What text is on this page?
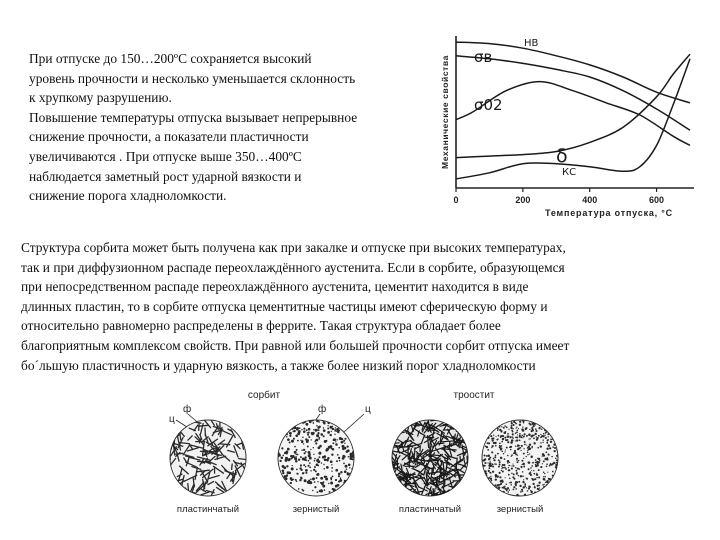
При отпуске до 150…200ºС сохраняется высокий

уровень прочности и несколько уменьшается склонность

к хрупкому разрушению.

Повышение температуры отпуска вызывает непрерывное

снижение прочности, а показатели пластичности

увеличиваются . При отпуске выше 350…400ºС

наблюдается заметный рост ударной вязкости и

снижение порога хладноломкости.

Механические свойства
Температура отпуска, °С
0	200	400	600
НВ
σв
σ02
δ
КС

Структура сорбита может быть получена как при закалке и отпуске при высоких температурах,

так и при диффузионном распаде переохлаждённого аустенита. Если в сорбите, образующемся

при непосредственном распаде переохлаждённого аустенита, цементит находится в виде

длинных пластин, то в сорбите отпуска цементитные частицы имеют сферическую форму и

относительно равномерно распределены в феррите. Такая структура обладает более

благоприятным комплексом свойств. При равной или большей прочности сорбит отпуска имеет

бо´льшую пластичность и ударную вязкость, а также более низкий порог хладноломкости

сорбит
ц
ф	ф	ц
пластинчатый	зернистый
троостит
пластинчатый	зернистый
